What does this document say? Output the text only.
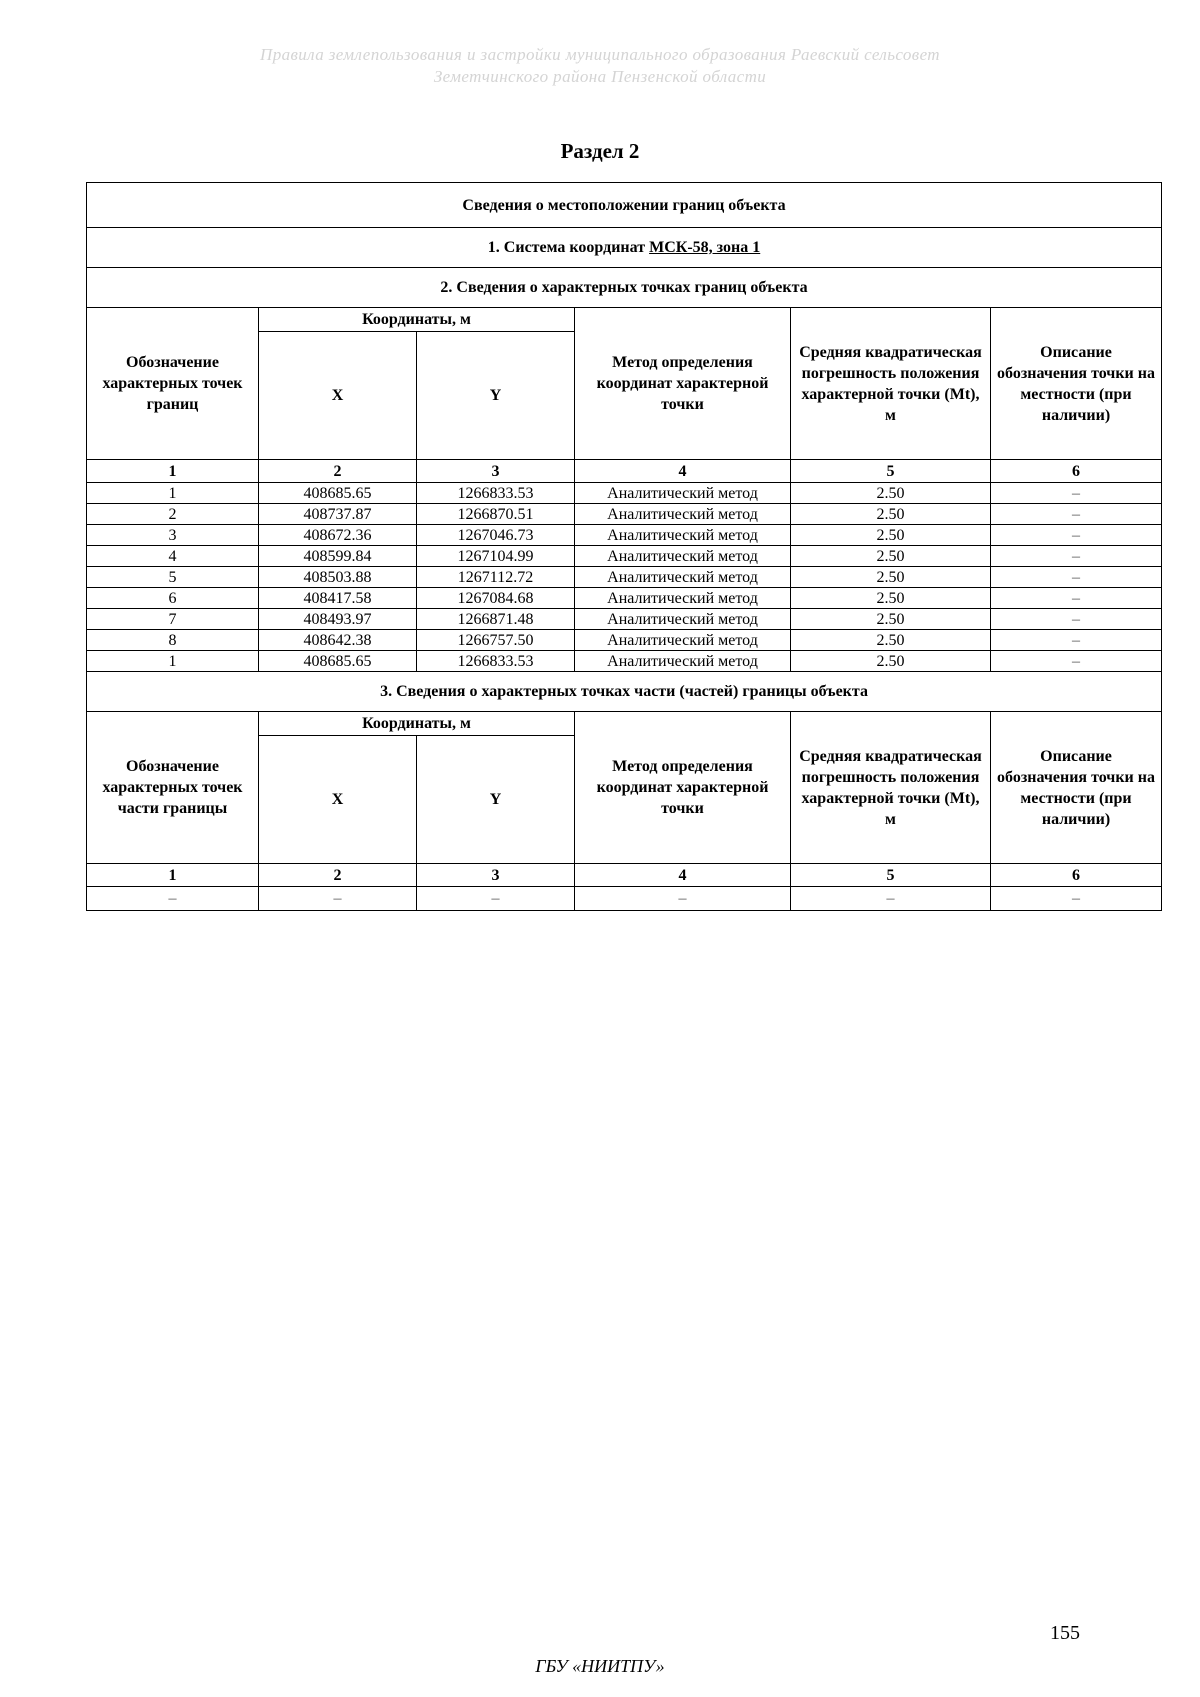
Правила землепользования и застройки муниципального образования Раевский сельсовет
Земетчинского района Пензенской области
Раздел 2
Сведения о местоположении границ объекта					
1. Система координат МСК-58, зона 1					
2. Сведения о характерных точках границ объекта					
Обозначение характерных точек границ	Координаты, м		Метод определения координат характерной точки	Средняя квадратическая погрешность положения характерной точки (Мt), м	Описание обозначения точки на местности (при наличии)
	X	Y			
1	2	3	4	5	6
1	408685.65	1266833.53	Аналитический метод	2.50	–
2	408737.87	1266870.51	Аналитический метод	2.50	–
3	408672.36	1267046.73	Аналитический метод	2.50	–
4	408599.84	1267104.99	Аналитический метод	2.50	–
5	408503.88	1267112.72	Аналитический метод	2.50	–
6	408417.58	1267084.68	Аналитический метод	2.50	–
7	408493.97	1266871.48	Аналитический метод	2.50	–
8	408642.38	1266757.50	Аналитический метод	2.50	–
1	408685.65	1266833.53	Аналитический метод	2.50	–
3. Сведения о характерных точках части (частей) границы объекта					
Обозначение характерных точек части границы	Координаты, м		Метод определения координат характерной точки	Средняя квадратическая погрешность положения характерной точки (Мt), м	Описание обозначения точки на местности (при наличии)
	X	Y			
1	2	3	4	5	6
–	–	–	–	–	–
155
ГБУ «НИИТПУ»
